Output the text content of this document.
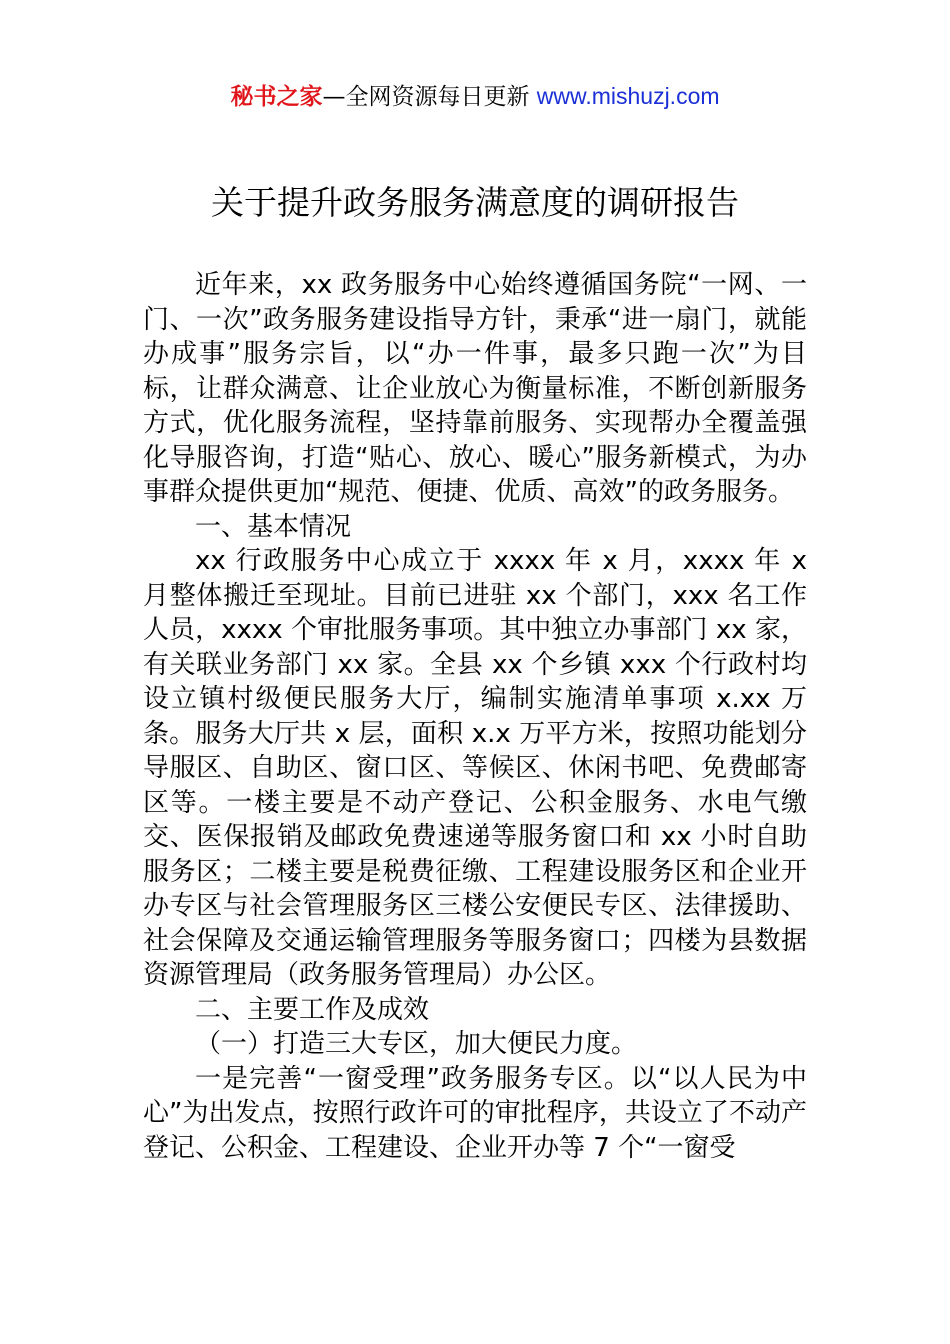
秘书之家—全网资源每日更新 www.mishuzj.com
关于提升政务服务满意度的调研报告

近年来，xx 政务服务中心始终遵循国务院“一网、一门、一次”政务服务建设指导方针，秉承“进一扇门，就能办成事”服务宗旨，以“办一件事，最多只跑一次”为目标，让群众满意、让企业放心为衡量标准，不断创新服务方式，优化服务流程，坚持靠前服务、实现帮办全覆盖强化导服咨询，打造“贴心、放心、暖心”服务新模式，为办事群众提供更加“规范、便捷、优质、高效”的政务服务。

一、基本情况

xx 行政服务中心成立于 xxxx 年 x 月，xxxx 年 x 月整体搬迁至现址。目前已进驻 xx 个部门，xxx 名工作人员，xxxx 个审批服务事项。其中独立办事部门 xx 家，有关联业务部门 xx 家。全县 xx 个乡镇 xxx 个行政村均设立镇村级便民服务大厅，编制实施清单事项 x.xx 万条。服务大厅共 x 层，面积 x.x 万平方米，按照功能划分导服区、自助区、窗口区、等候区、休闲书吧、免费邮寄区等。一楼主要是不动产登记、公积金服务、水电气缴交、医保报销及邮政免费速递等服务窗口和 xx 小时自助服务区；二楼主要是税费征缴、工程建设服务区和企业开办专区与社会管理服务区三楼公安便民专区、法律援助、社会保障及交通运输管理服务等服务窗口；四楼为县数据资源管理局（政务服务管理局）办公区。

二、主要工作及成效

（一）打造三大专区，加大便民力度。

一是完善“一窗受理”政务服务专区。以“以人民为中心”为出发点，按照行政许可的审批程序，共设立了不动产登记、公积金、工程建设、企业开办等 7 个“一窗受
